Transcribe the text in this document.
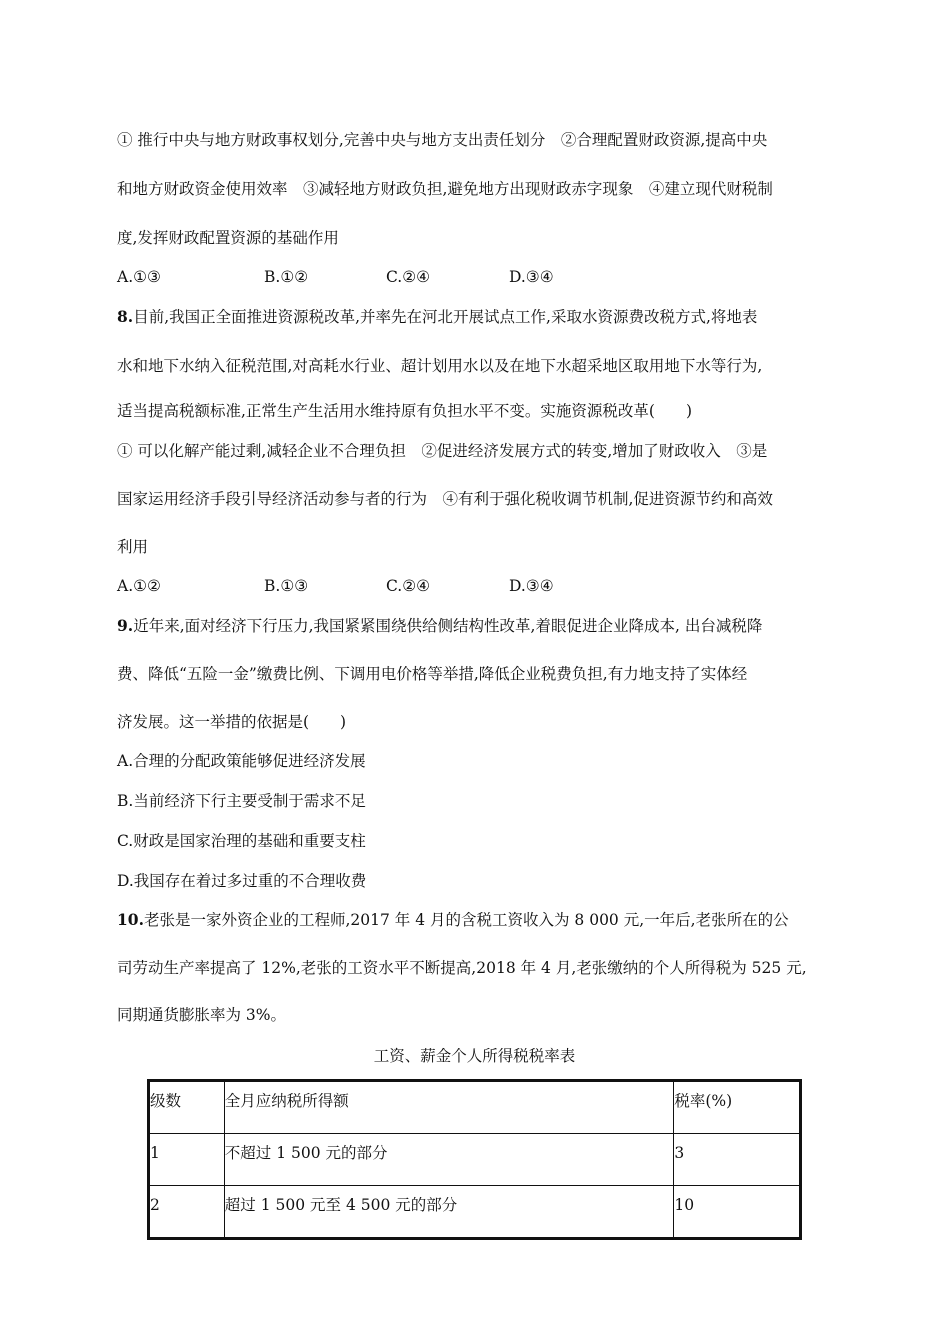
① 推行中央与地方财政事权划分,完善中央与地方支出责任划分　②合理配置财政资源,提高中央
和地方财政资金使用效率　③减轻地方财政负担,避免地方出现财政赤字现象　④建立现代财税制
度,发挥财政配置资源的基础作用
A.①③	B.①②	C.②④	D.③④
8.目前,我国正全面推进资源税改革,并率先在河北开展试点工作,采取水资源费改税方式,将地表
水和地下水纳入征税范围,对高耗水行业、超计划用水以及在地下水超采地区取用地下水等行为,
适当提高税额标准,正常生产生活用水维持原有负担水平不变。实施资源税改革(　　)
① 可以化解产能过剩,减轻企业不合理负担　②促进经济发展方式的转变,增加了财政收入　③是
国家运用经济手段引导经济活动参与者的行为　④有利于强化税收调节机制,促进资源节约和高效
利用
A.①②	B.①③	C.②④	D.③④
9.近年来,面对经济下行压力,我国紧紧围绕供给侧结构性改革,着眼促进企业降成本, 出台减税降
费、降低“五险一金”缴费比例、下调用电价格等举措,降低企业税费负担,有力地支持了实体经
济发展。这一举措的依据是(　　)
A.合理的分配政策能够促进经济发展
B.当前经济下行主要受制于需求不足
C.财政是国家治理的基础和重要支柱
D.我国存在着过多过重的不合理收费
10.老张是一家外资企业的工程师,2017 年 4 月的含税工资收入为 8 000 元,一年后,老张所在的公
司劳动生产率提高了 12%,老张的工资水平不断提高,2018 年 4 月,老张缴纳的个人所得税为 525 元,
同期通货膨胀率为 3%。
工资、薪金个人所得税税率表
级数	全月应纳税所得额	税率(%)
1	不超过 1 500 元的部分	3
2	超过 1 500 元至 4 500 元的部分	10
